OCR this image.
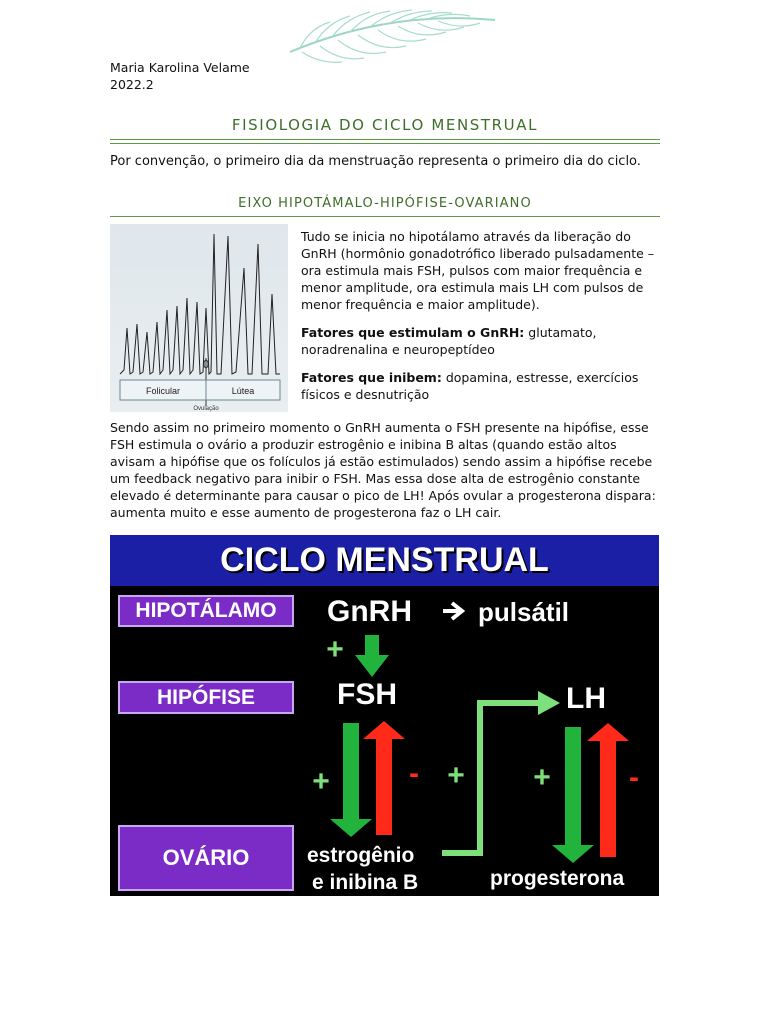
Maria Karolina Velame
2022.2
FISIOLOGIA DO CICLO MENSTRUAL
Por convenção, o primeiro dia da menstruação representa o primeiro dia do ciclo.
EIXO HIPOTÁMALO-HIPÓFISE-OVARIANO
Folicular	Lútea
Ovulação

Tudo se inicia no hipotálamo através da liberação do GnRH (hormônio gonadotrófico liberado pulsadamente – ora estimula mais FSH, pulsos com maior frequência e menor amplitude, ora estimula mais LH com pulsos de menor frequência e maior amplitude).

Fatores que estimulam o GnRH: glutamato, noradrenalina e neuropeptídeo

Fatores que inibem: dopamina, estresse, exercícios físicos e desnutrição

Sendo assim no primeiro momento o GnRH aumenta o FSH presente na hipófise, esse FSH estimula o ovário a produzir estrogênio e inibina B altas (quando estão altos avisam a hipófise que os folículos já estão estimulados) sendo assim a hipófise recebe um feedback negativo para inibir o FSH. Mas essa dose alta de estrogênio constante elevado é determinante para causar o pico de LH! Após ovular a progesterona dispara: aumenta muito e esse aumento de progesterona faz o LH cair.

CICLO MENSTRUAL
HIPOTÁLAMO
HIPÓFISE
OVÁRIO
GnRH	pulsátil
FSH	LH
estrogênio
e inibina B	progesterona
+
+	- + +	-
